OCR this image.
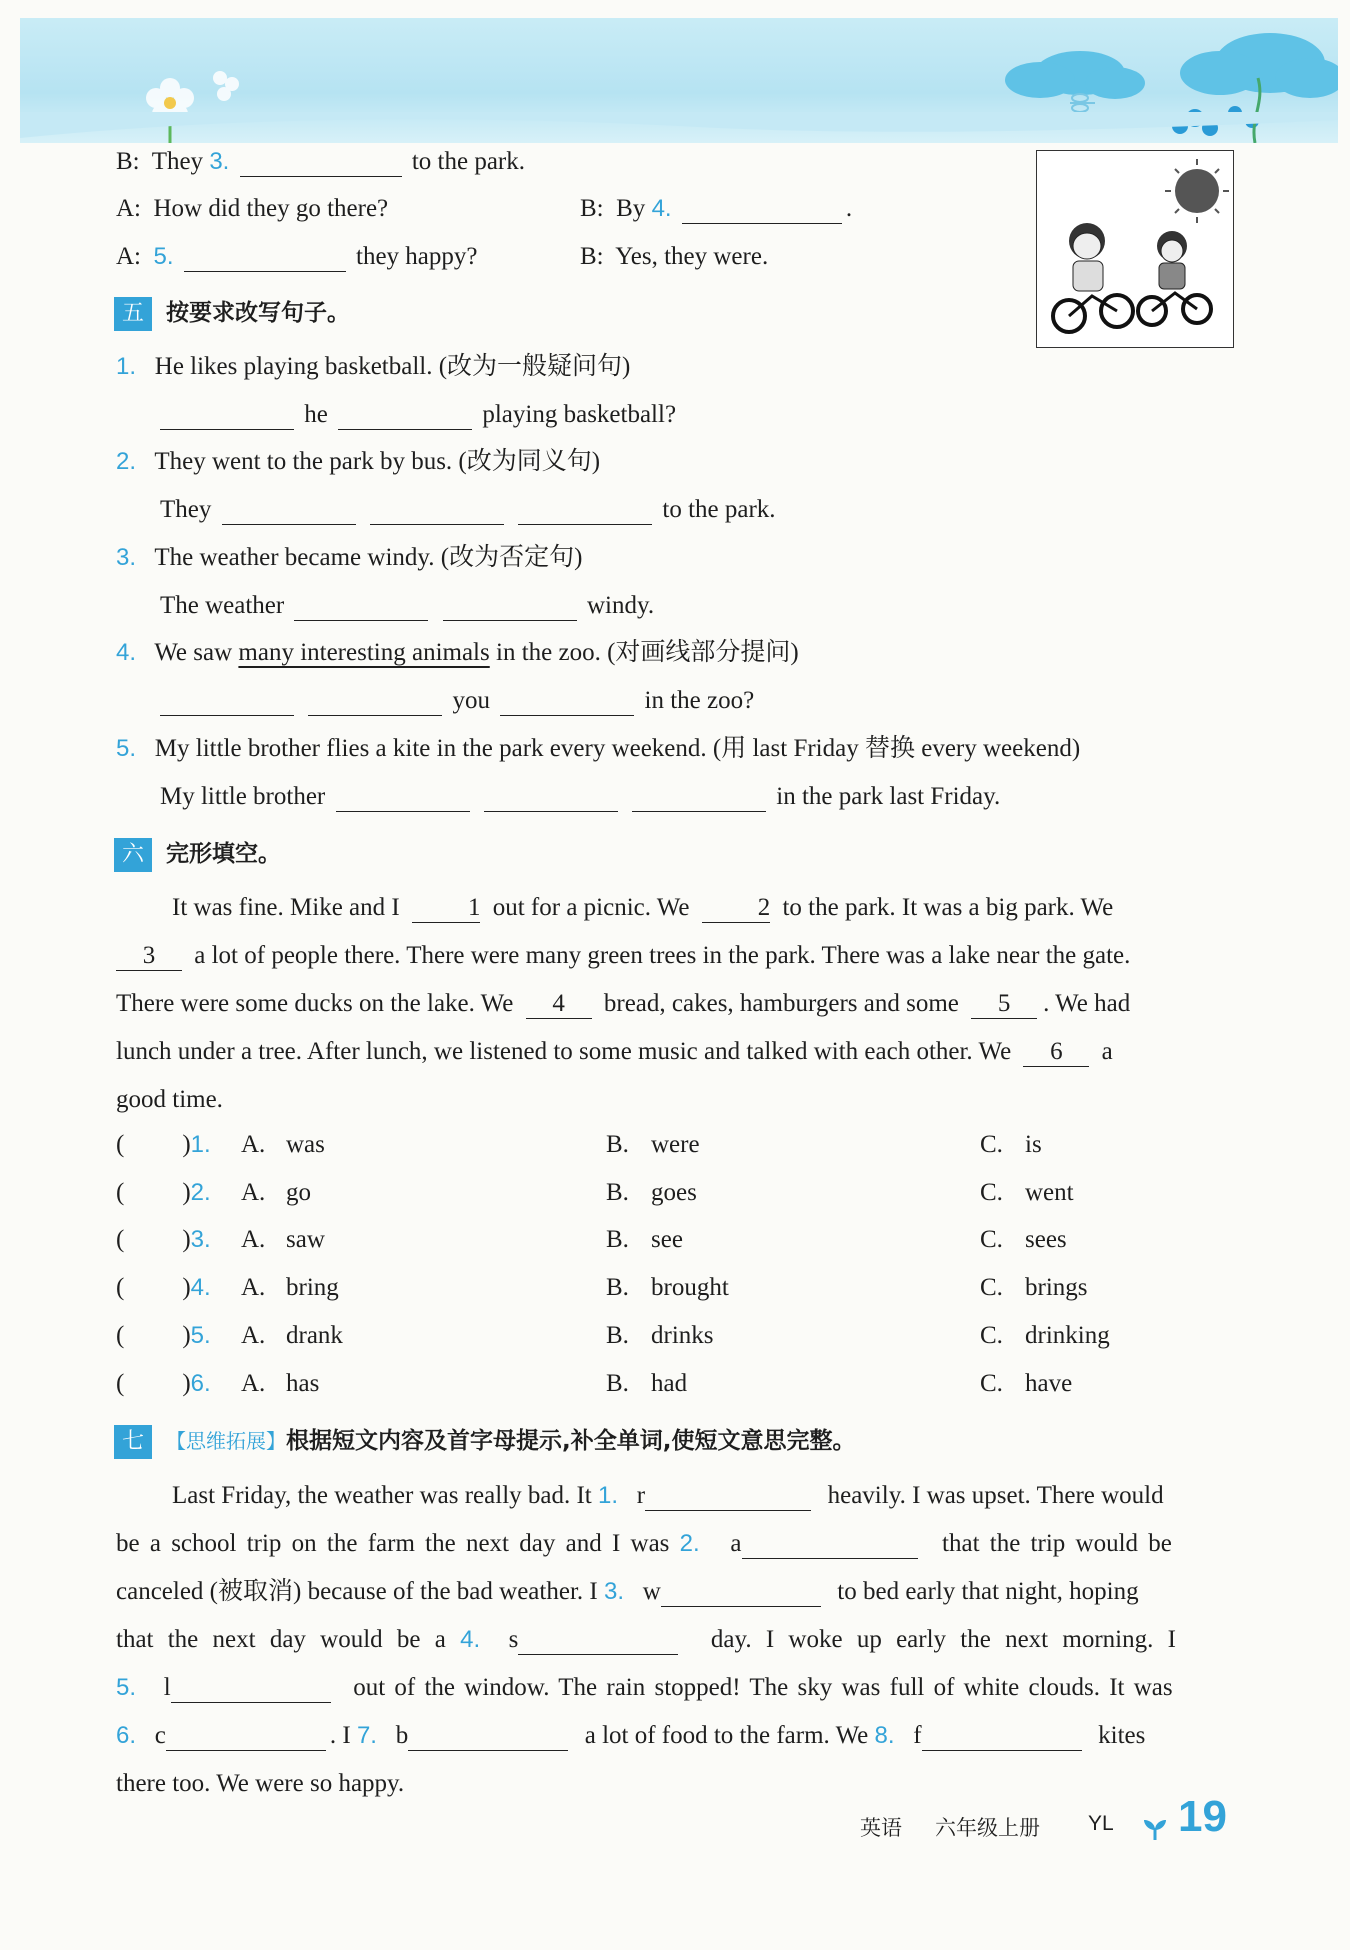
B: They 3.	to the park.
A: How did they go there?	B: By 4.	.
A: 5.	they happy?	B: Yes, they were.
五 按要求改写句子。
1. He likes playing basketball. (改为一般疑问句)
he	playing basketball?
2. They went to the park by bus. (改为同义句)
They	to the park.
3. The weather became windy. (改为否定句)
The weather	windy.
4. We saw many interesting animals in the zoo. (对画线部分提问)
you	in the zoo?
5. My little brother flies a kite in the park every weekend. (用 last Friday 替换 every weekend)
My little brother	in the park last Friday.
六 完形填空。
It was fine. Mike and I	1 out for a picnic. We	2 to the park. It was a big park. We
3 a lot of people there. There were many green trees in the park. There was a lake near the gate.
There were some ducks on the lake. We 4 bread, cakes, hamburgers and some 5 . We had
lunch under a tree. After lunch, we listened to some music and talked with each other. We 6 a
good time.
( )1. A. was	B. were	C. is
( )2. A. go	B. goes	C. went
( )3. A. saw	B. see	C. sees
( )4. A. bring	B. brought	C. brings
( )5. A. drank	B. drinks	C. drinking
( )6. A. has	B. had	C. have
七 【思维拓展】根据短文内容及首字母提示,补全单词,使短文意思完整。
Last Friday, the weather was really bad. It 1. r	heavily. I was upset. There would
be a school trip on the farm the next day and I was 2. a	that the trip would be
canceled (被取消) because of the bad weather. I 3. w	to bed early that night, hoping
that the next day would be a 4. s	day. I woke up early the next morning. I
5. l	out of the window. The rain stopped! The sky was full of white clouds. It was
6. c	. I 7. b	a lot of food to the farm. We 8. f	kites
there too. We were so happy.
英语 六年级上册 YL 19
